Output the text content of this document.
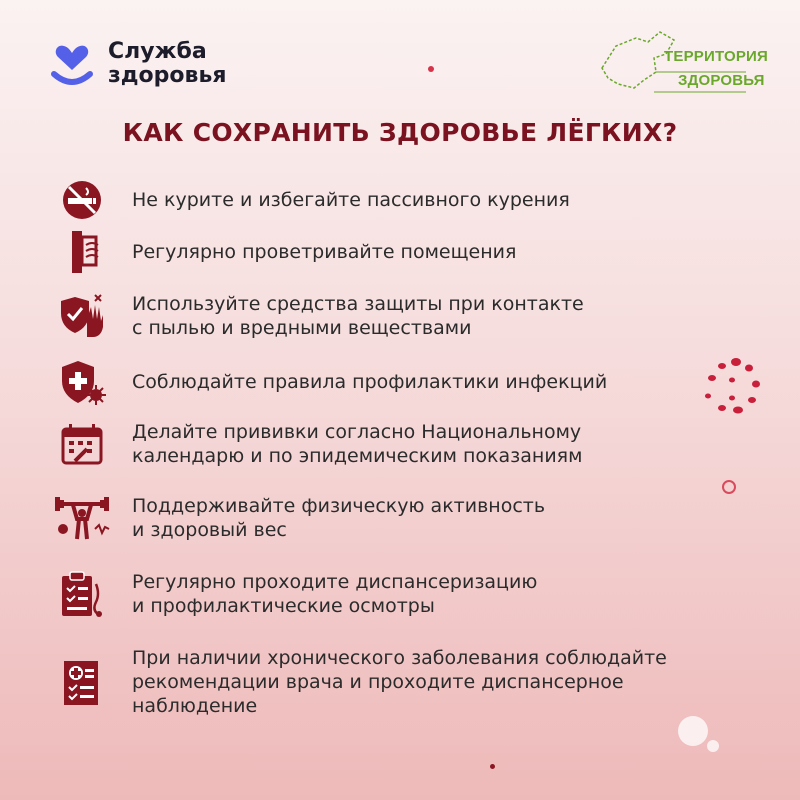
Служба
здоровья
ТЕРРИТОРИЯ
ЗДОРОВЬЯ
КАК СОХРАНИТЬ ЗДОРОВЬЕ ЛЁГКИХ?
Не курите и избегайте пассивного курения
Регулярно проветривайте помещения
Используйте средства защиты при контакте
с пылью и вредными веществами
Соблюдайте правила профилактики инфекций
Делайте прививки согласно Национальному
календарю и по эпидемическим показаниям
Поддерживайте физическую активность
и здоровый вес
Регулярно проходите диспансеризацию
и профилактические осмотры
При наличии хронического заболевания соблюдайте
рекомендации врача и проходите диспансерное
наблюдение
